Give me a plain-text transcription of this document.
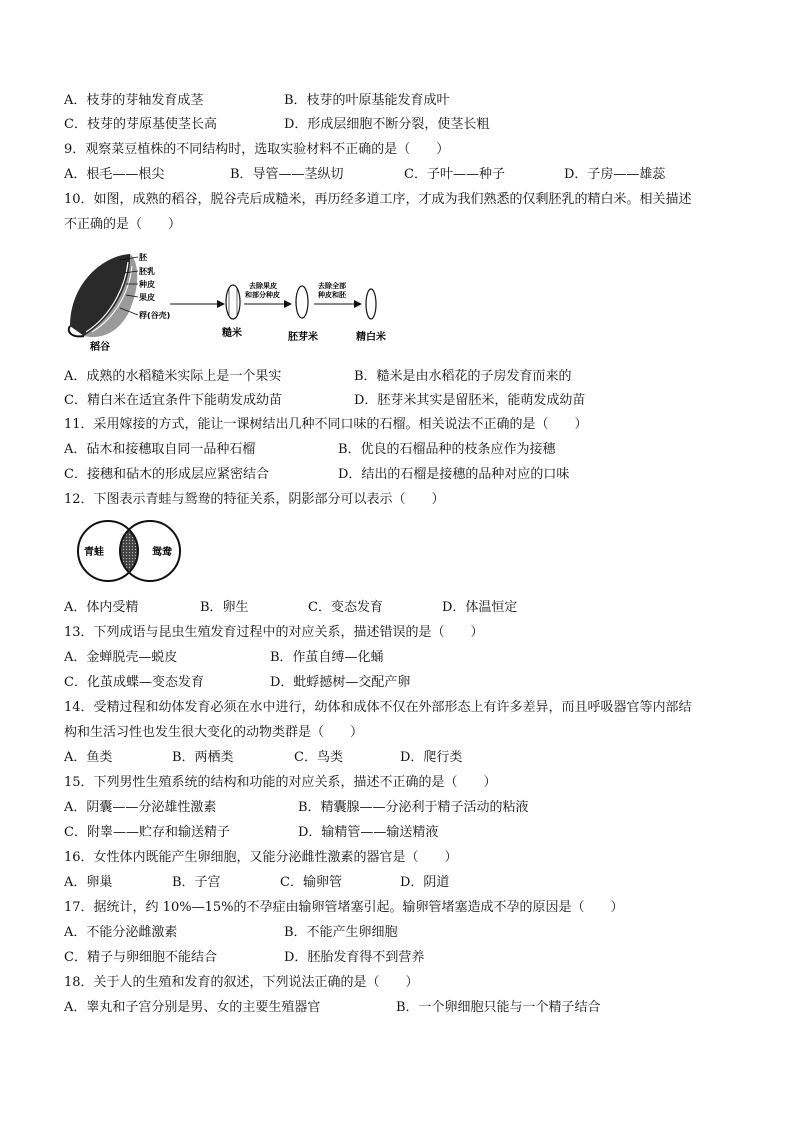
A．枝芽的芽轴发育成茎	B．枝芽的叶原基能发育成叶
C．枝芽的芽原基使茎长高	D．形成层细胞不断分裂，使茎长粗
9．观察菜豆植株的不同结构时，选取实验材料不正确的是（　　）
A．根毛——根尖	B．导管——茎纵切	C．子叶——种子	D．子房——雄蕊
10．如图，成熟的稻谷，脱谷壳后成糙米，再历经多道工序，才成为我们熟悉的仅剩胚乳的精白米。相关描述
不正确的是（　　）
胚
胚乳
种皮
果皮
稃(谷壳)
稻谷
糙米
去除果皮
和部分种皮
胚芽米
去除全部
种皮和胚
精白米
A．成熟的水稻糙米实际上是一个果实	B．糙米是由水稻花的子房发育而来的
C．精白米在适宜条件下能萌发成幼苗	D．胚芽米其实是留胚米，能萌发成幼苗
11．采用嫁接的方式，能让一课树结出几种不同口味的石榴。相关说法不正确的是（　　）
A．砧木和接穗取自同一品种石榴	B．优良的石榴品种的枝条应作为接穗
C．接穗和砧木的形成层应紧密结合	D．结出的石榴是接穗的品种对应的口味
12．下图表示青蛙与鸳鸯的特征关系，阴影部分可以表示（　　）
青蛙	鸳鸯
A．体内受精	B．卵生	C．变态发育	D．体温恒定
13．下列成语与昆虫生殖发育过程中的对应关系，描述错误的是（　　）
A．金蝉脱壳—蜕皮	B．作茧自缚—化蛹
C．化茧成蝶—变态发育	D．蚍蜉撼树—交配产卵
14．受精过程和幼体发育必须在水中进行，幼体和成体不仅在外部形态上有许多差异，而且呼吸器官等内部结
构和生活习性也发生很大变化的动物类群是（　　）
A．鱼类	B．两栖类	C．鸟类	D．爬行类
15．下列男性生殖系统的结构和功能的对应关系，描述不正确的是（　　）
A．阴囊——分泌雄性激素	B．精囊腺——分泌利于精子活动的粘液
C．附睾——贮存和输送精子	D．输精管——输送精液
16．女性体内既能产生卵细胞，又能分泌雌性激素的器官是（　　）
A．卵巢	B．子宫	C．输卵管	D．阴道
17．据统计，约 10%—15%的不孕症由输卵管堵塞引起。输卵管堵塞造成不孕的原因是（　　）
A．不能分泌雌激素	B．不能产生卵细胞
C．精子与卵细胞不能结合	D．胚胎发育得不到营养
18．关于人的生殖和发育的叙述，下列说法正确的是（　　）
A．睾丸和子宫分别是男、女的主要生殖器官	B．一个卵细胞只能与一个精子结合
